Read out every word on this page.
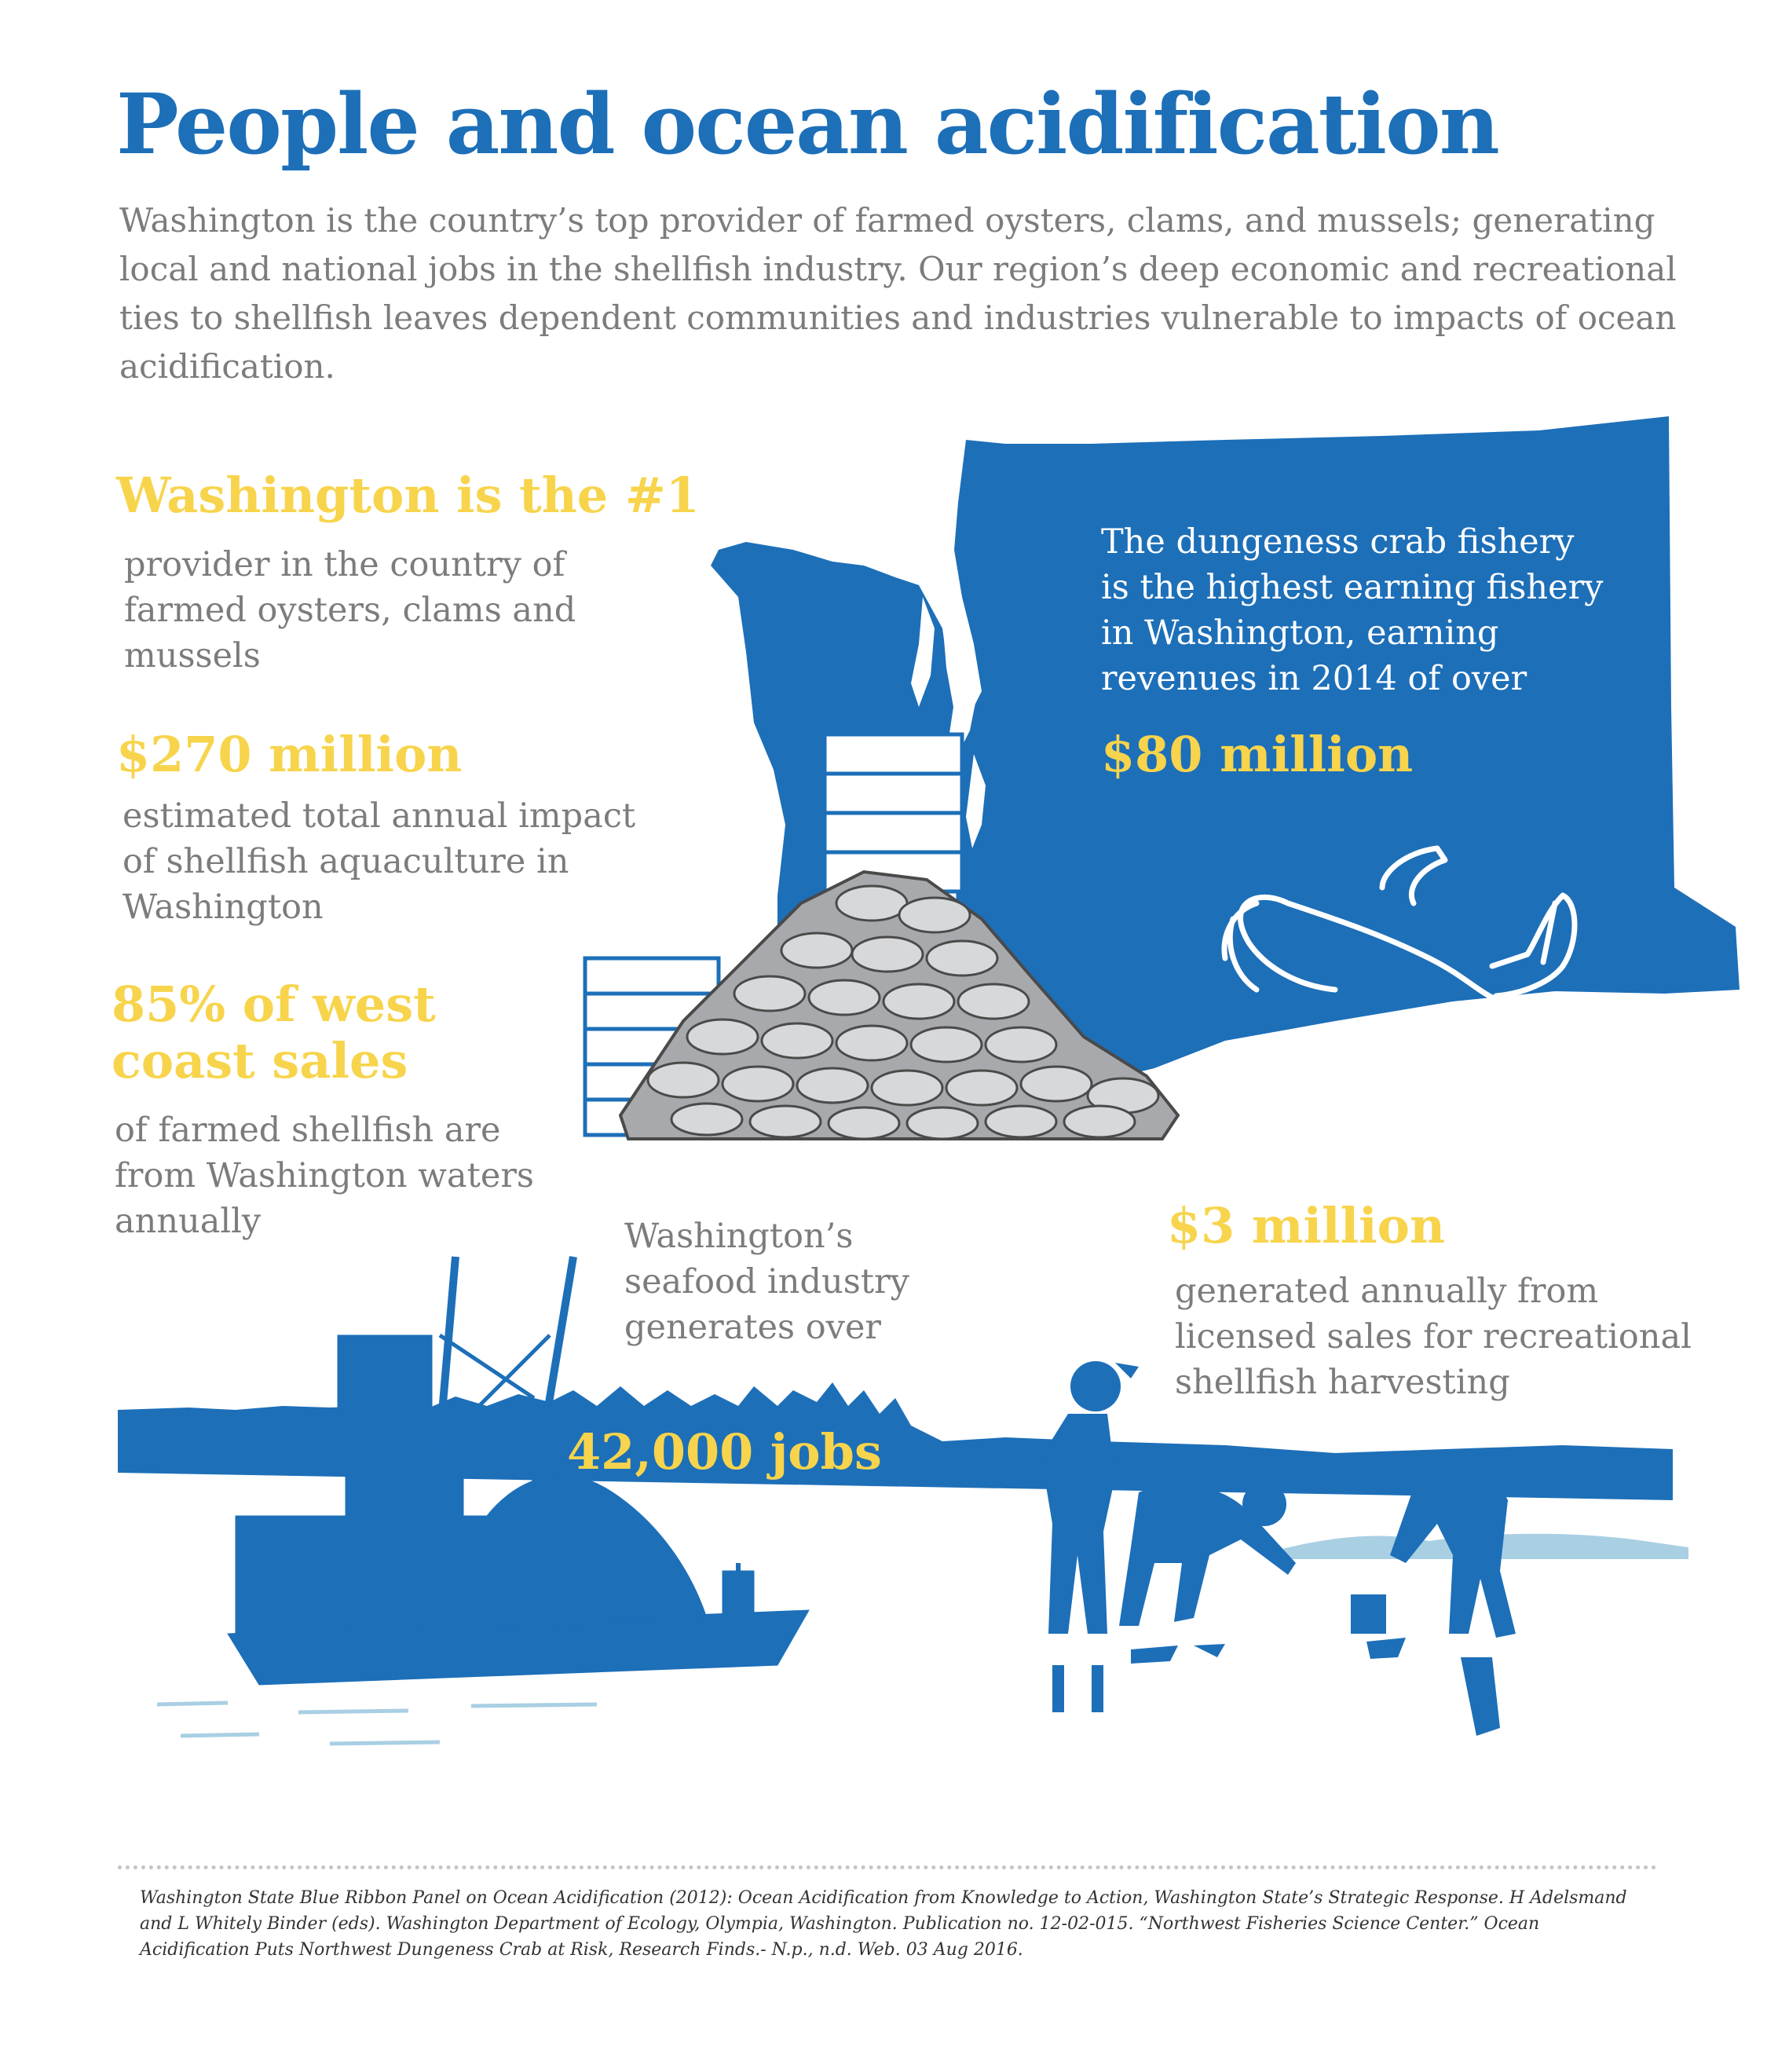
People and ocean acidification
Washington is the country’s top provider of farmed oysters, clams, and mussels; generating local and national jobs in the shellfish industry. Our region’s deep economic and recreational ties to shellfish leaves dependent communities and industries vulnerable to impacts of ocean acidification.
Washington is the #1
provider in the country of farmed oysters, clams and mussels
$270 million
estimated total annual impact of shellfish aquaculture in Washington
85% of west coast sales
of farmed shellfish are from Washington waters annually
The dungeness crab fishery is the highest earning fishery in Washington, earning revenues in 2014 of over
$80 million
Washington’s seafood industry generates over
42,000 jobs
$3 million
generated annually from licensed sales for recreational shellfish harvesting
Washington State Blue Ribbon Panel on Ocean Acidification (2012): Ocean Acidification from Knowledge to Action, Washington State’s Strategic Response. H Adelsmand and L Whitely Binder (eds). Washington Department of Ecology, Olympia, Washington. Publication no. 12-02-015. “Northwest Fisheries Science Center.” Ocean Acidification Puts Northwest Dungeness Crab at Risk, Research Finds.- N.p., n.d. Web. 03 Aug 2016.
